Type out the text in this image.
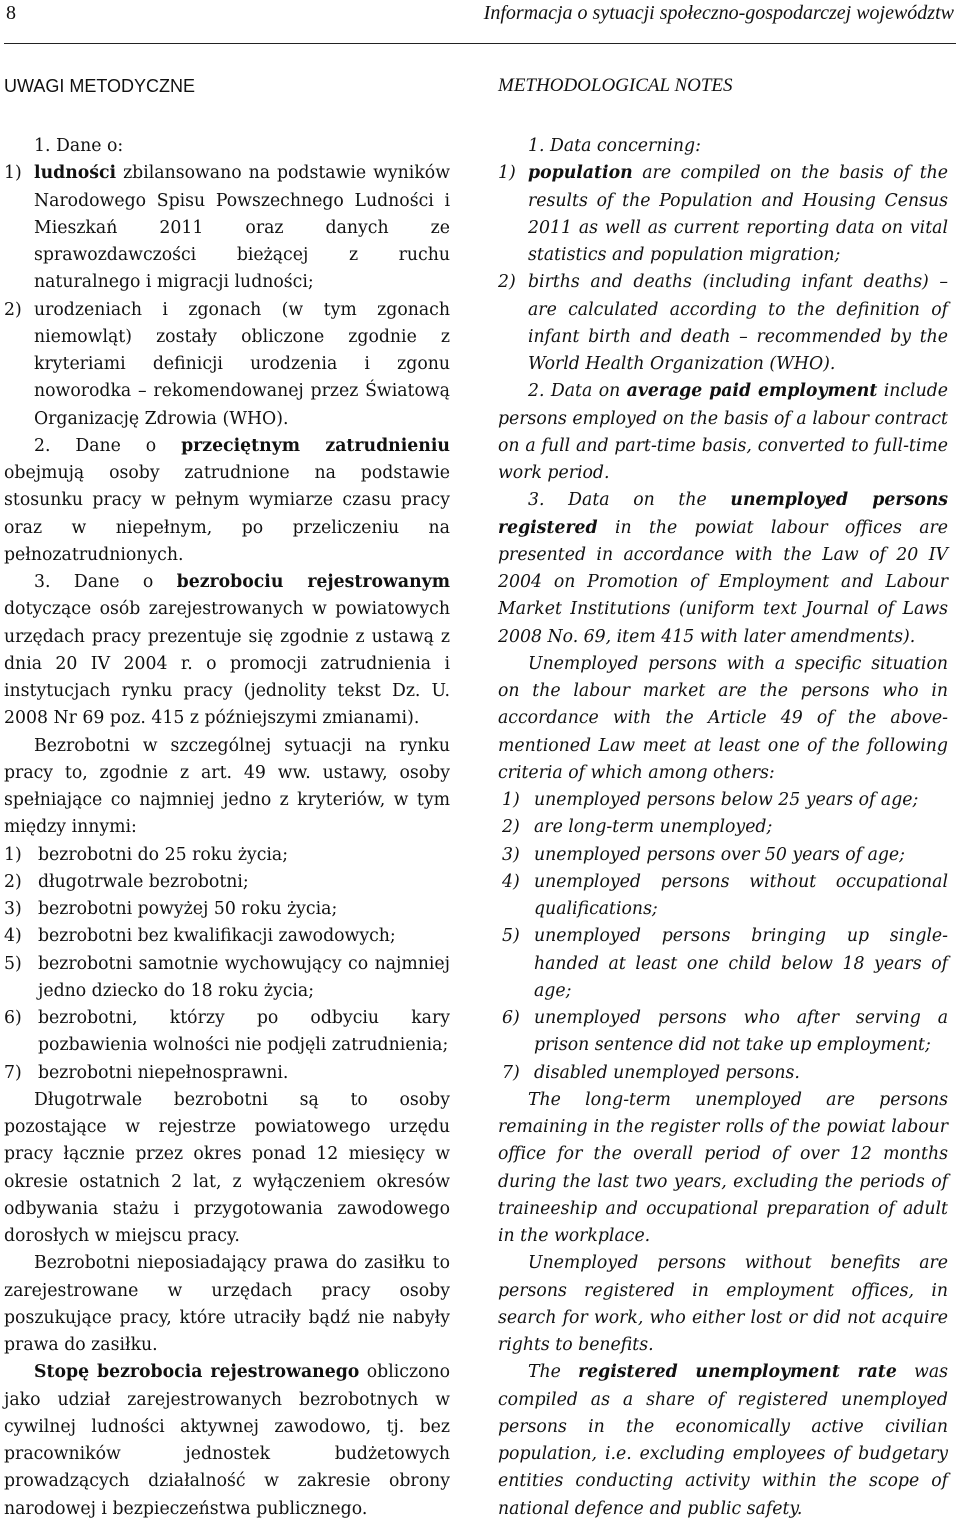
8	Informacja o sytuacji społeczno-gospodarczej województw
UWAGI METODYCZNE

1. Dane o:

1) ludności zbilansowano na podstawie wyników Narodowego Spisu Powszechnego Ludności i Mieszkań 2011 oraz danych ze sprawozdawczości bieżącej z ruchu naturalnego i migracji ludności;
2) urodzeniach i zgonach (w tym zgonach niemowląt) zostały obliczone zgodnie z kryteriami definicji urodzenia i zgonu noworodka – rekomendowanej przez Światową Organizację Zdrowia (WHO).

2. Dane o przeciętnym zatrudnieniu obejmują osoby zatrudnione na podstawie stosunku pracy w pełnym wymiarze czasu pracy oraz w niepełnym, po przeliczeniu na pełnozatrudnionych.

3. Dane o bezrobociu rejestrowanym dotyczące osób zarejestrowanych w powiatowych urzędach pracy prezentuje się zgodnie z ustawą z dnia 20 IV 2004 r. o promocji zatrudnienia i instytucjach rynku pracy (jednolity tekst Dz. U. 2008 Nr 69 poz. 415 z późniejszymi zmianami).

Bezrobotni w szczególnej sytuacji na rynku pracy to, zgodnie z art. 49 ww. ustawy, osoby spełniające co najmniej jedno z kryteriów, w tym między innymi:

1) bezrobotni do 25 roku życia;
2) długotrwale bezrobotni;
3) bezrobotni powyżej 50 roku życia;
4) bezrobotni bez kwalifikacji zawodowych;
5) bezrobotni samotnie wychowujący co najmniej jedno dziecko do 18 roku życia;
6) bezrobotni, którzy po odbyciu kary pozbawienia wolności nie podjęli zatrudnienia;
7) bezrobotni niepełnosprawni.

Długotrwale bezrobotni są to osoby pozostające w rejestrze powiatowego urzędu pracy łącznie przez okres ponad 12 miesięcy w okresie ostatnich 2 lat, z wyłączeniem okresów odbywania stażu i przygotowania zawodowego dorosłych w miejscu pracy.

Bezrobotni nieposiadający prawa do zasiłku to zarejestrowane w urzędach pracy osoby poszukujące pracy, które utraciły bądź nie nabyły prawa do zasiłku.

Stopę bezrobocia rejestrowanego obliczono jako udział zarejestrowanych bezrobotnych w cywilnej ludności aktywnej zawodowo, tj. bez pracowników jednostek budżetowych prowadzących działalność w zakresie obrony narodowej i bezpieczeństwa publicznego.

METHODOLOGICAL NOTES

1. Data concerning:

1) population are compiled on the basis of the results of the Population and Housing Census 2011 as well as current reporting data on vital statistics and population migration;
2) births and deaths (including infant deaths) – are calculated according to the definition of infant birth and death – recommended by the World Health Organization (WHO).

2. Data on average paid employment include persons employed on the basis of a labour contract on a full and part-time basis, converted to full-time work period.

3. Data on the unemployed persons registered in the powiat labour offices are presented in accordance with the Law of 20 IV 2004 on Promotion of Employment and Labour Market Institutions (uniform text Journal of Laws 2008 No. 69, item 415 with later amendments).

Unemployed persons with a specific situation on the labour market are the persons who in accordance with the Article 49 of the above-mentioned Law meet at least one of the following criteria of which among others:

1) unemployed persons below 25 years of age;
2) are long-term unemployed;
3) unemployed persons over 50 years of age;
4) unemployed persons without occupational qualifications;
5) unemployed persons bringing up single-handed at least one child below 18 years of age;
6) unemployed persons who after serving a prison sentence did not take up employment;
7) disabled unemployed persons.

The long-term unemployed are persons remaining in the register rolls of the powiat labour office for the overall period of over 12 months during the last two years, excluding the periods of traineeship and occupational preparation of adult in the workplace.

Unemployed persons without benefits are persons registered in employment offices, in search for work, who either lost or did not acquire rights to benefits.

The registered unemployment rate was compiled as a share of registered unemployed persons in the economically active civilian population, i.e. excluding employees of budgetary entities conducting activity within the scope of national defence and public safety.
